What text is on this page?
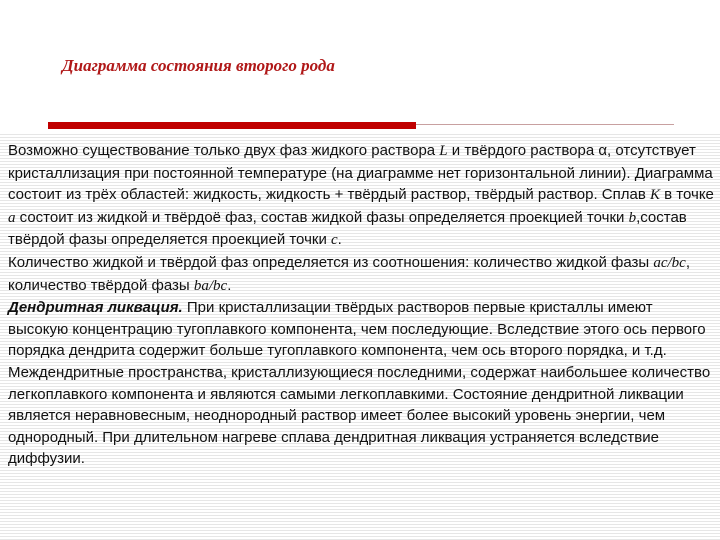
Диаграмма состояния второго рода

Возможно существование только двух фаз жидкого раствора L и твёрдого раствора α, отсутствует кристаллизация при постоянной температуре (на диаграмме нет горизонтальной линии). Диаграмма состоит из трёх областей: жидкость, жидкость + твёрдый раствор, твёрдый раствор. Сплав K в точке a состоит из жидкой и твёрдоё фаз, состав жидкой фазы определяется проекцией точки b,состав твёрдой фазы определяется проекцией точки c.

Количество жидкой и твёрдой фаз определяется из соотношения: количество жидкой фазы ac/bc, количество твёрдой фазы ba/bc.

Дендритная ликвация. При кристаллизации твёрдых растворов первые кристаллы имеют высокую концентрацию тугоплавкого компонента, чем последующие. Вследствие этого ось первого порядка дендрита содержит больше тугоплавкого компонента, чем ось второго порядка, и т.д. Междендритные пространства, кристаллизующиеся последними, содержат наибольшее количество легкоплавкого компонента и являются самыми легкоплавкими. Состояние дендритной ликвации является неравновесным, неоднородный раствор имеет более высокий уровень энергии, чем однородный. При длительном нагреве сплава дендритная ликвация устраняется вследствие диффузии.
